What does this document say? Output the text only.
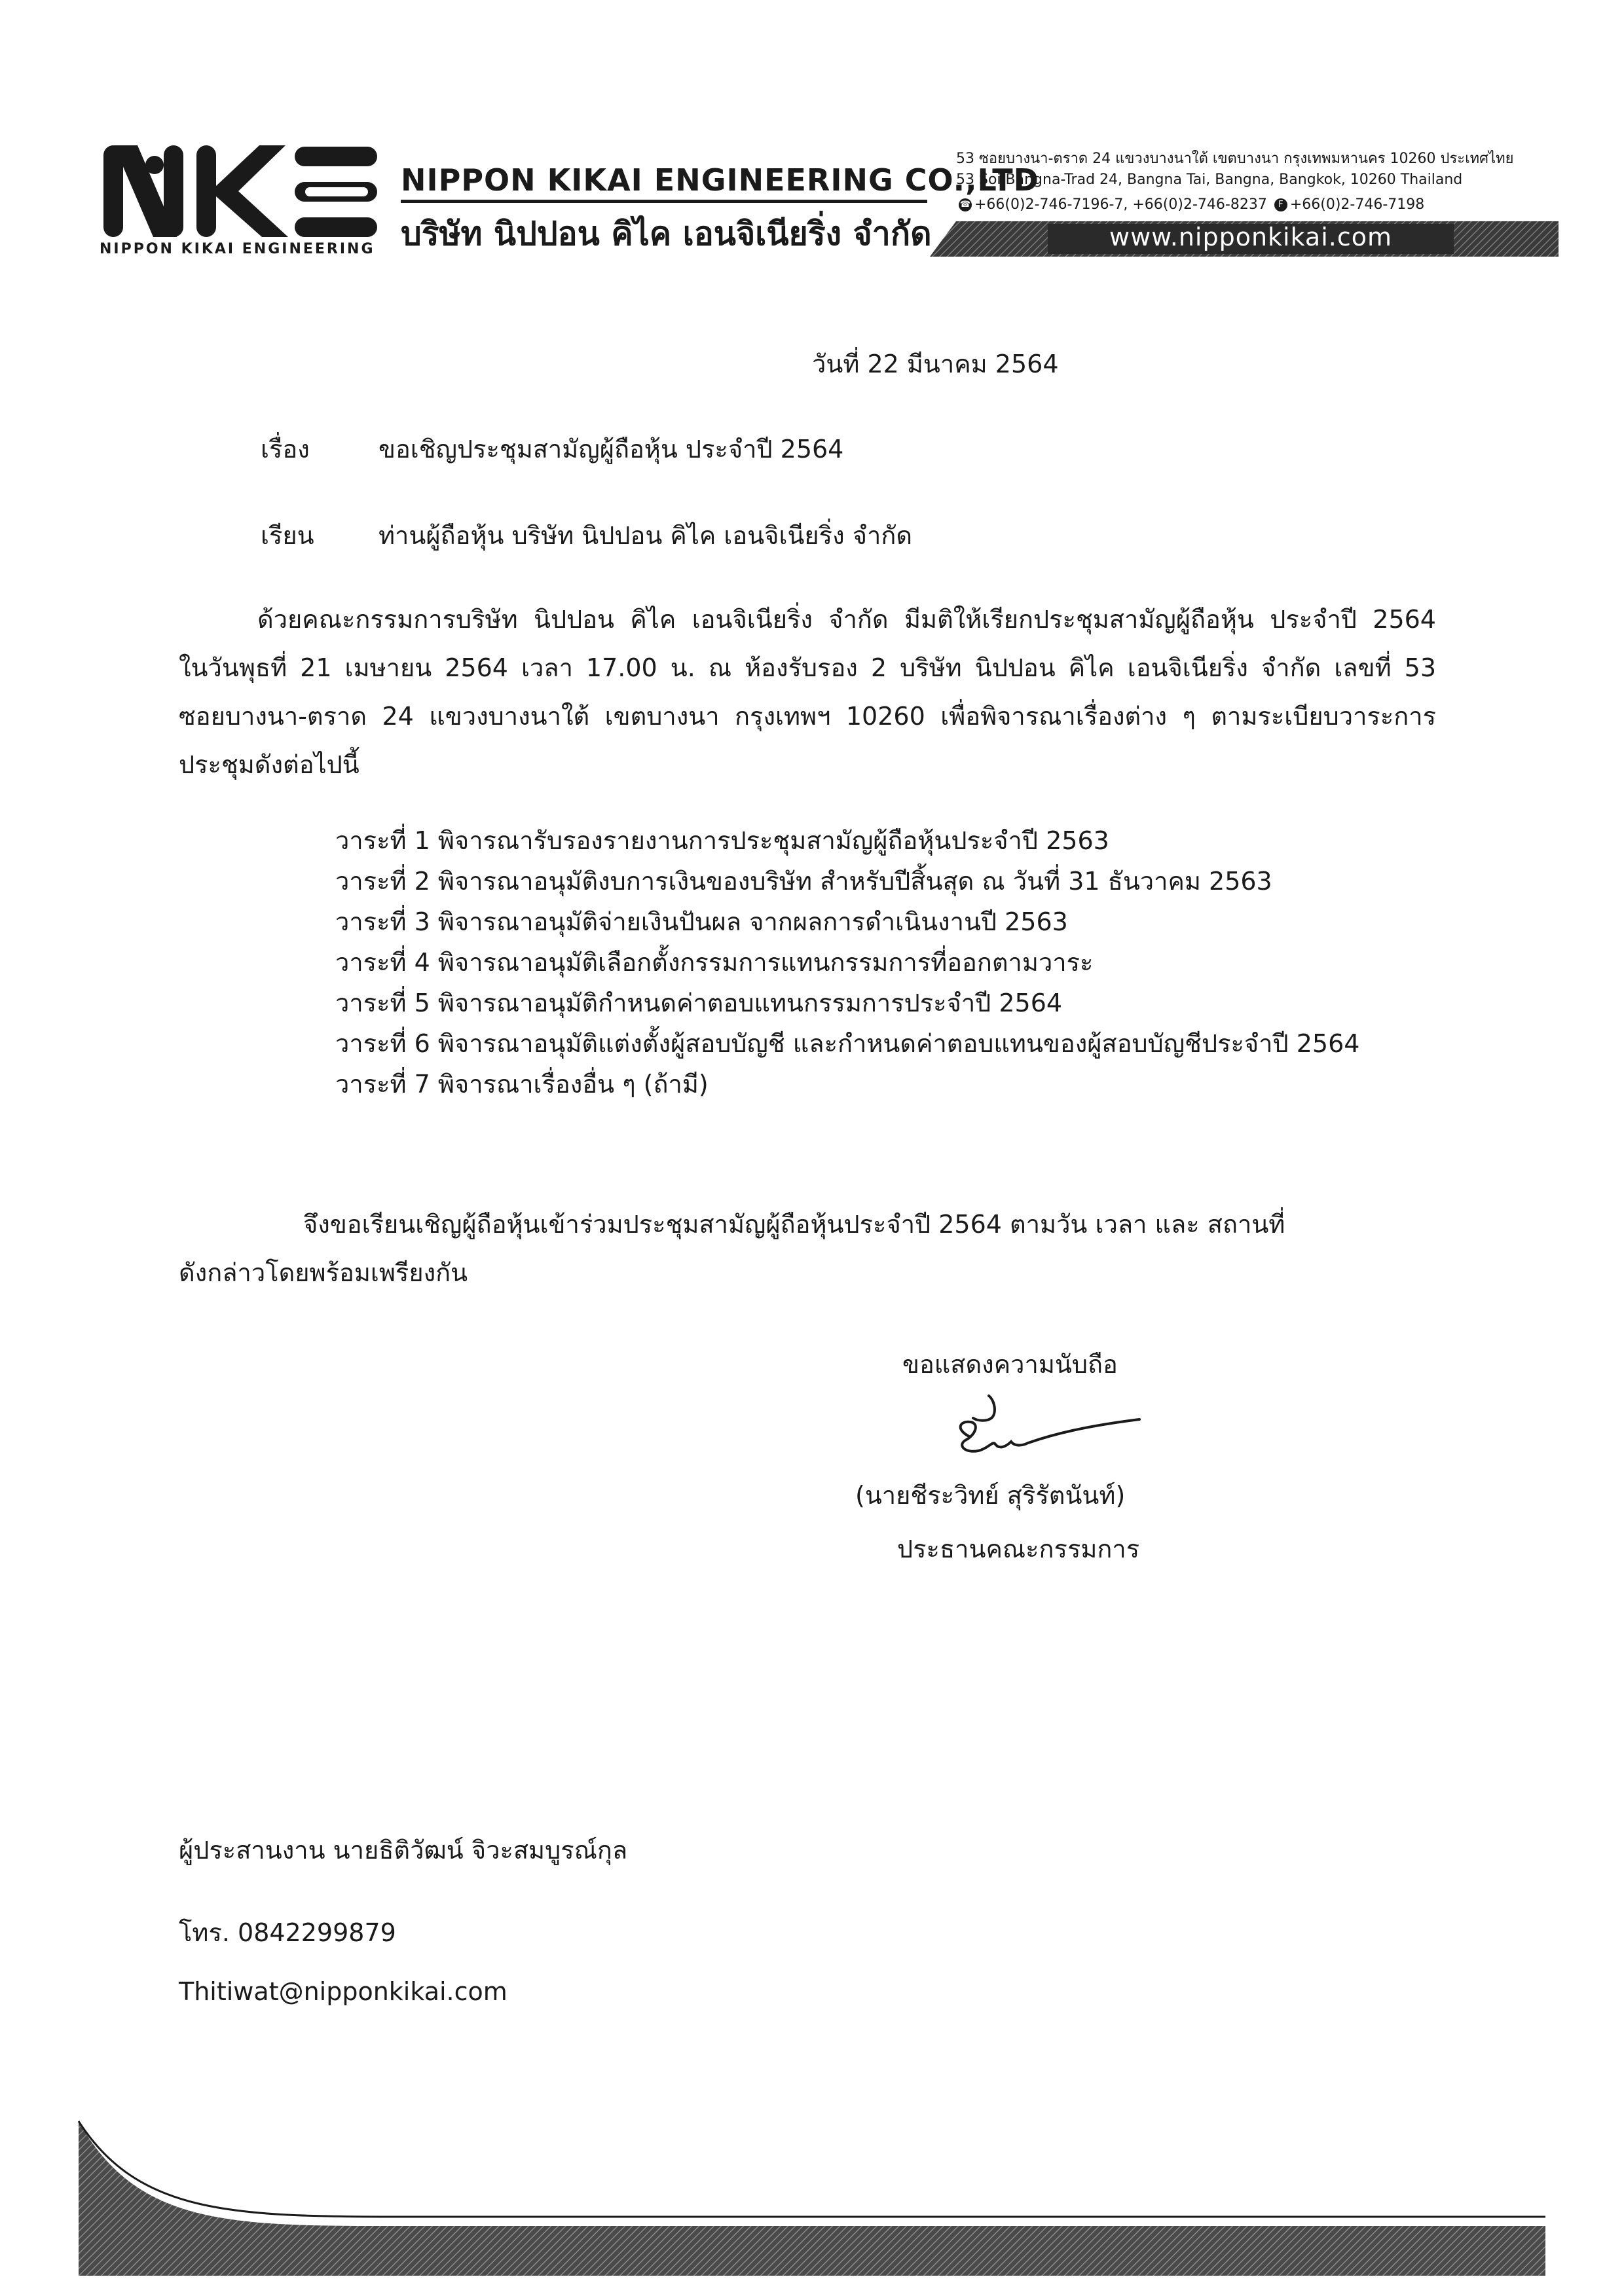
NIPPON KIKAI ENGINEERING
NIPPON KIKAI ENGINEERING CO.,LTD
บริษัท นิปปอน คิไค เอนจิเนียริ่ง จำกัด
53 ซอยบางนา-ตราด 24 แขวงบางนาใต้ เขตบางนา กรุงเทพมหานคร 10260 ประเทศไทย
53 Soi Bangna-Trad 24, Bangna Tai, Bangna, Bangkok, 10260 Thailand
☎ +66(0)2-746-7196-7, +66(0)2-746-8237 F +66(0)2-746-7198
www.nipponkikai.com
วันที่ 22 มีนาคม 2564
เรื่อง	ขอเชิญประชุมสามัญผู้ถือหุ้น ประจำปี 2564
เรียน	ท่านผู้ถือหุ้น บริษัท นิปปอน คิไค เอนจิเนียริ่ง จำกัด
ด้วยคณะกรรมการบริษัท นิปปอน คิไค เอนจิเนียริ่ง จำกัด มีมติให้เรียกประชุมสามัญผู้ถือหุ้น ประจำปี 2564
ในวันพุธที่ 21 เมษายน 2564 เวลา 17.00 น. ณ ห้องรับรอง 2 บริษัท นิปปอน คิไค เอนจิเนียริ่ง จำกัด เลขที่ 53
ซอยบางนา-ตราด 24 แขวงบางนาใต้ เขตบางนา กรุงเทพฯ 10260 เพื่อพิจารณาเรื่องต่าง ๆ ตามระเบียบวาระการ
ประชุมดังต่อไปนี้
วาระที่ 1 พิจารณารับรองรายงานการประชุมสามัญผู้ถือหุ้นประจำปี 2563
วาระที่ 2 พิจารณาอนุมัติงบการเงินของบริษัท สำหรับปีสิ้นสุด ณ วันที่ 31 ธันวาคม 2563
วาระที่ 3 พิจารณาอนุมัติจ่ายเงินปันผล จากผลการดำเนินงานปี 2563
วาระที่ 4 พิจารณาอนุมัติเลือกตั้งกรรมการแทนกรรมการที่ออกตามวาระ
วาระที่ 5 พิจารณาอนุมัติกำหนดค่าตอบแทนกรรมการประจำปี 2564
วาระที่ 6 พิจารณาอนุมัติแต่งตั้งผู้สอบบัญชี และกำหนดค่าตอบแทนของผู้สอบบัญชีประจำปี 2564
วาระที่ 7 พิจารณาเรื่องอื่น ๆ (ถ้ามี)
จึงขอเรียนเชิญผู้ถือหุ้นเข้าร่วมประชุมสามัญผู้ถือหุ้นประจำปี 2564 ตามวัน เวลา และ สถานที่
ดังกล่าวโดยพร้อมเพรียงกัน
ขอแสดงความนับถือ
(นายชีระวิทย์ สุริรัตนันท์)
ประธานคณะกรรมการ
ผู้ประสานงาน นายธิติวัฒน์ จิวะสมบูรณ์กุล
โทร. 0842299879
Thitiwat@nipponkikai.com
